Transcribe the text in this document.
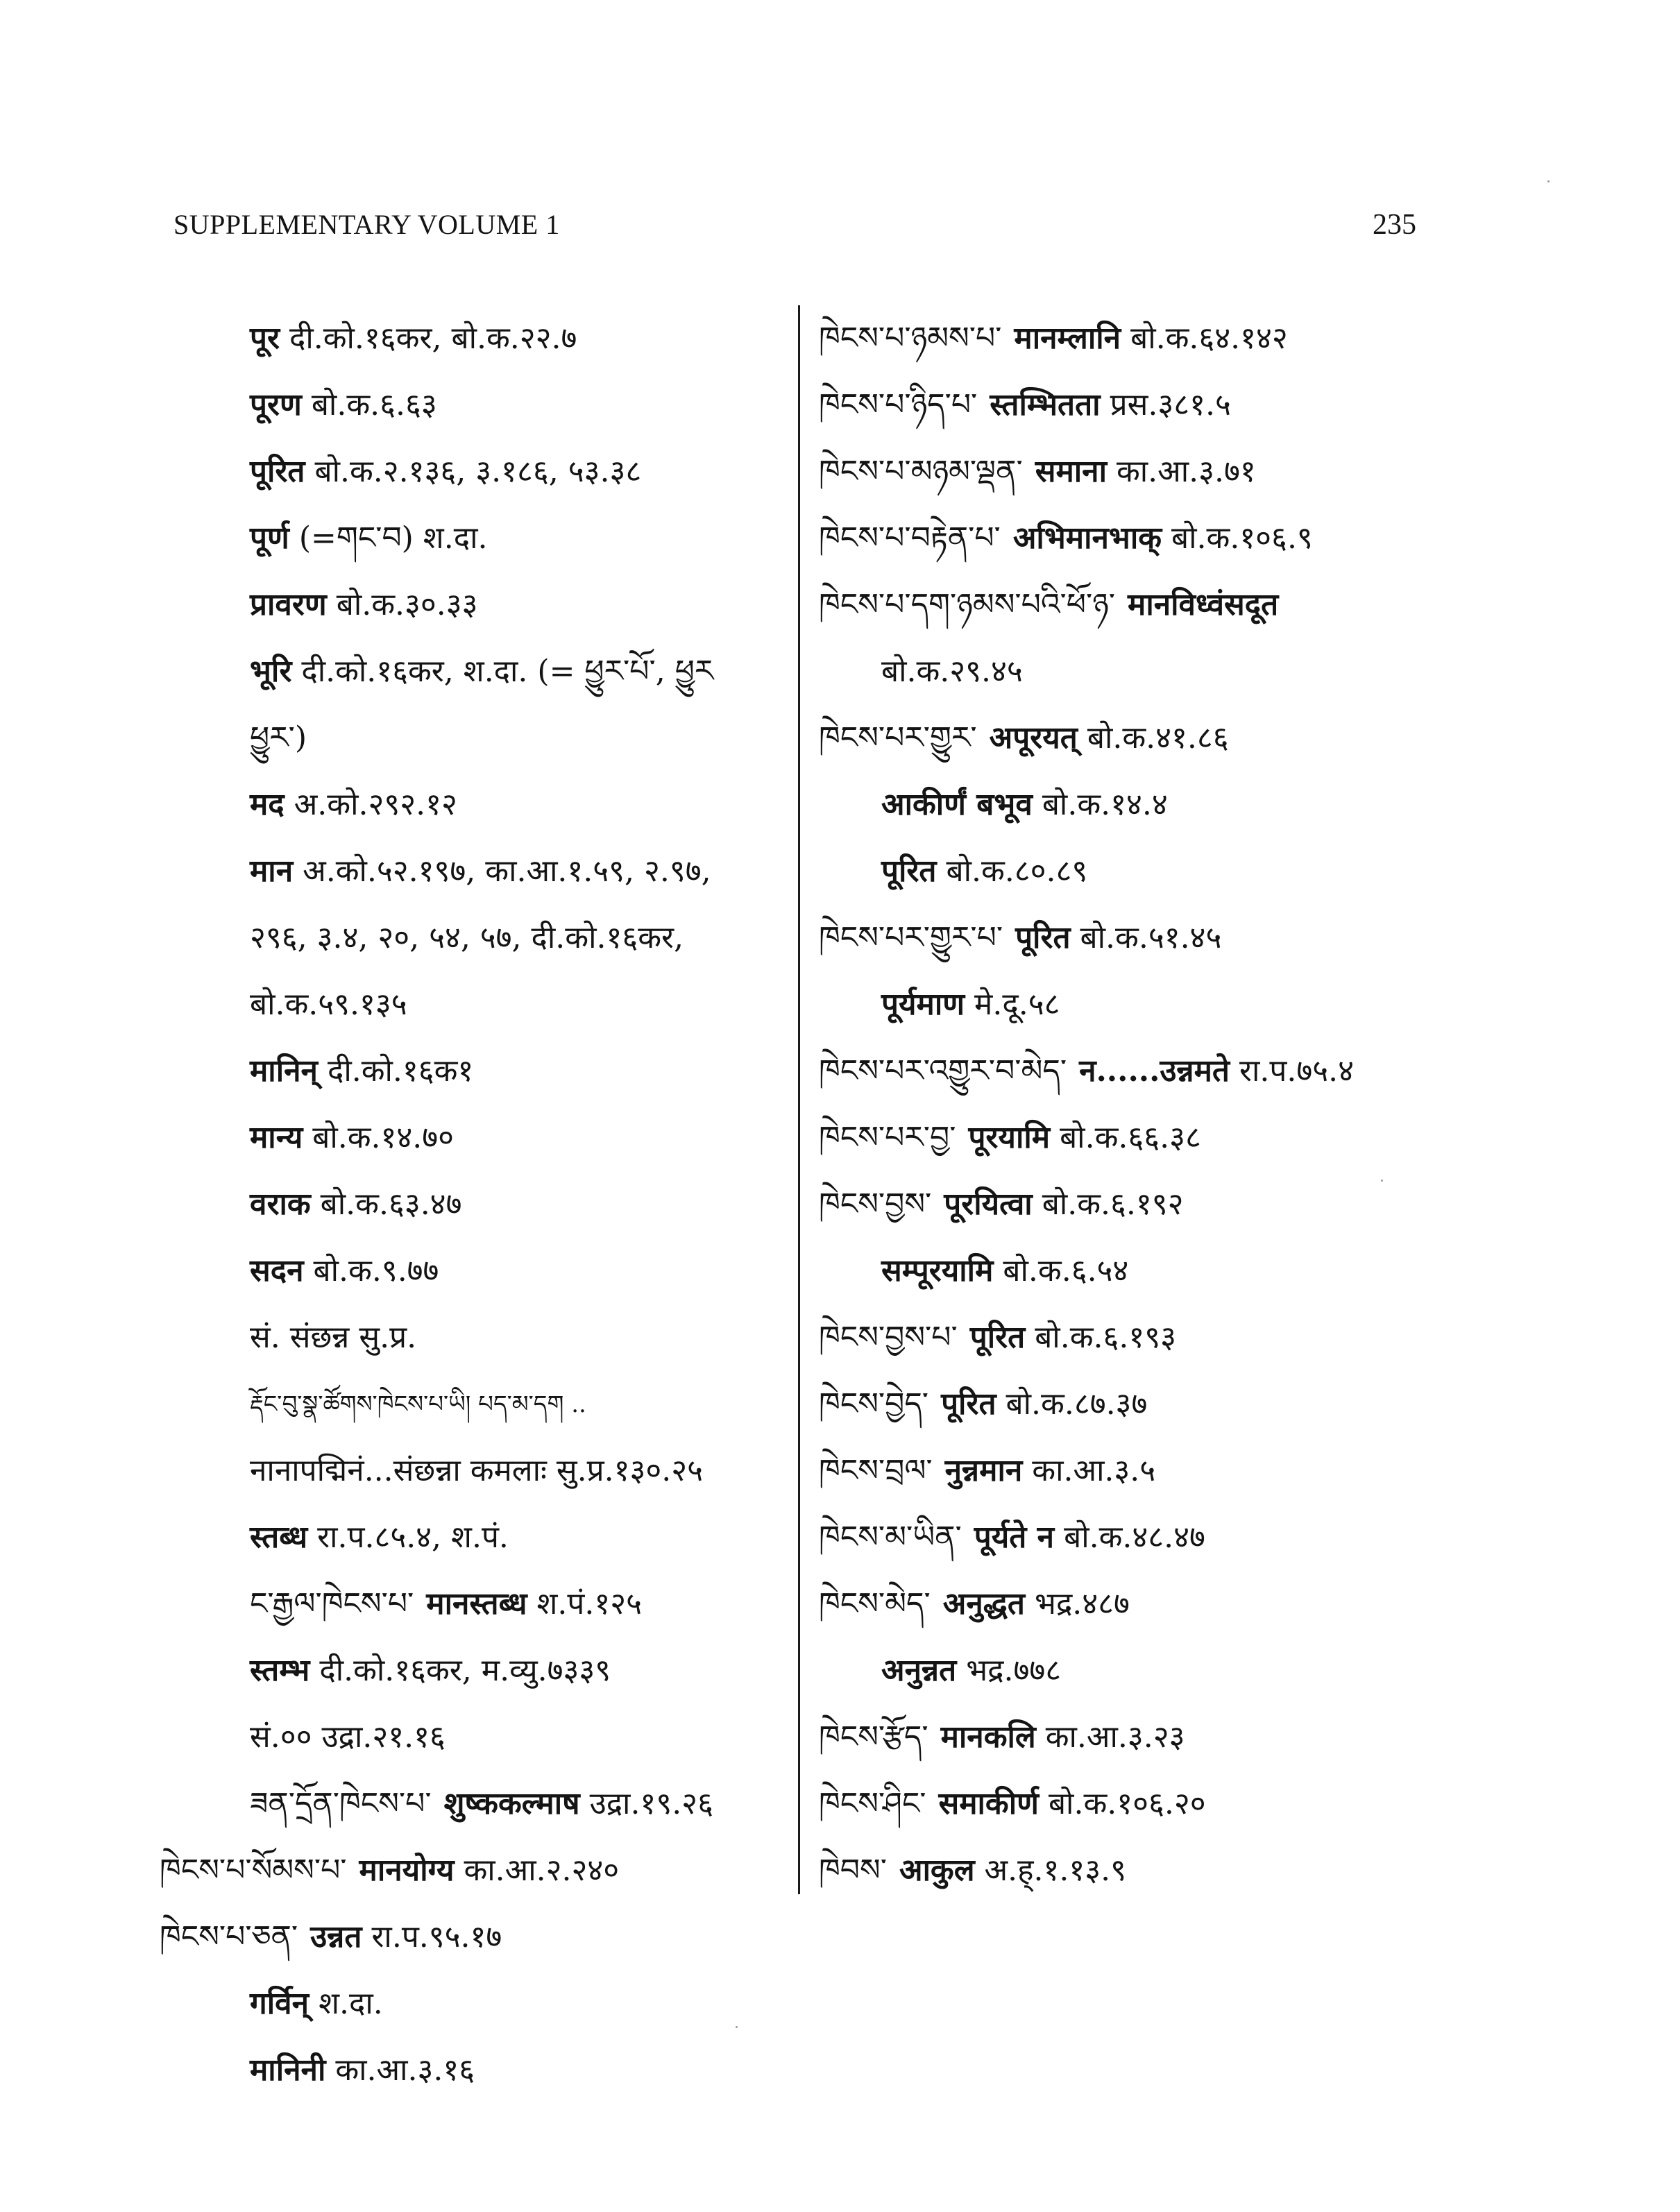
SUPPLEMENTARY VOLUME 1	235
पूर दी.को.१६कर, बो.क.२२.७
पूरण बो.क.६.६३
पूरित बो.क.२.१३६, ३.१८६, ५३.३८
पूर्ण (=གང་བ) श.दा.
प्रावरण बो.क.३०.३३
भूरि दी.को.१६कर, श.दा. (= ཕྱུར་པོ་, ཕྱུར
ཕྱུར་)
मद अ.को.२९२.१२
मान अ.को.५२.१९७, का.आ.१.५९, २.९७,
२९६, ३.४, २०, ५४, ५७, दी.को.१६कर,
बो.क.५९.१३५
मानिन् दी.को.१६क१
मान्य बो.क.१४.७०
वराक बो.क.६३.४७
सदन बो.क.९.७७
सं. संछन्न सु.प्र.
རྡོང་བུ་སྣ་ཚོགས་ཁེངས་པ་ཡི། པད་མ་དག ..
नानापद्मिनं...संछन्ना कमलाः सु.प्र.१३०.२५
स्तब्ध रा.प.८५.४, श.पं.
ང་རྒྱལ་ཁེངས་པ་ मानस्तब्ध श.पं.१२५
स्तम्भ दी.को.१६कर, म.व्यु.७३३९
सं.०० उद्रा.२१.१६
ཟན་དྲོན་ཁེངས་པ་ शुष्ककल्माष उद्रा.१९.२६
ཁེངས་པ་སོམས་པ་ मानयोग्य का.आ.२.२४०
ཁེངས་པ་ཅན་ उन्नत रा.प.९५.१७
गर्विन् श.दा.
मानिनी का.आ.३.१६
ཁེངས་པ་ཉམས་པ་ मानम्लानि बो.क.६४.१४२
ཁེངས་པ་ཉིད་པ་ स्तम्भितता प्रस.३८१.५
ཁེངས་པ་མཉམ་ལྡན་ समाना का.आ.३.७१
ཁེངས་པ་བརྟེན་པ་ अभिमानभाक् बो.क.१०६.९
ཁེངས་པ་དག་ཉམས་པའི་ཕོ་ཉ་ मानविध्वंसदूत
बो.क.२९.४५
ཁེངས་པར་གྱུར་ अपूरयत् बो.क.४१.८६
आकीर्णं बभूव बो.क.१४.४
पूरित बो.क.८०.८९
ཁེངས་པར་གྱུར་པ་ पूरित बो.क.५१.४५
पूर्यमाण मे.दू.५८
ཁེངས་པར་འགྱུར་བ་མེད་ न......उन्नमते रा.प.७५.४
ཁེངས་པར་བྱ་ पूरयामि बो.क.६६.३८
ཁེངས་བྱས་ पूरयित्वा बो.क.६.१९२
सम्पूरयामि बो.क.६.५४
ཁེངས་བྱས་པ་ पूरित बो.क.६.१९३
ཁེངས་བྱེད་ पूरित बो.क.८७.३७
ཁེངས་བྲལ་ नुन्नमान का.आ.३.५
ཁེངས་མ་ཡིན་ पूर्यते न बो.क.४८.४७
ཁེངས་མེད་ अनुद्धत भद्र.४८७
अनुन्नत भद्र.७७८
ཁེངས་རྩོད་ मानकलि का.आ.३.२३
ཁེངས་ཤིང་ समाकीर्ण बो.क.१०६.२०
ཁེབས་ आकुल अ.ह्.१.१३.९
